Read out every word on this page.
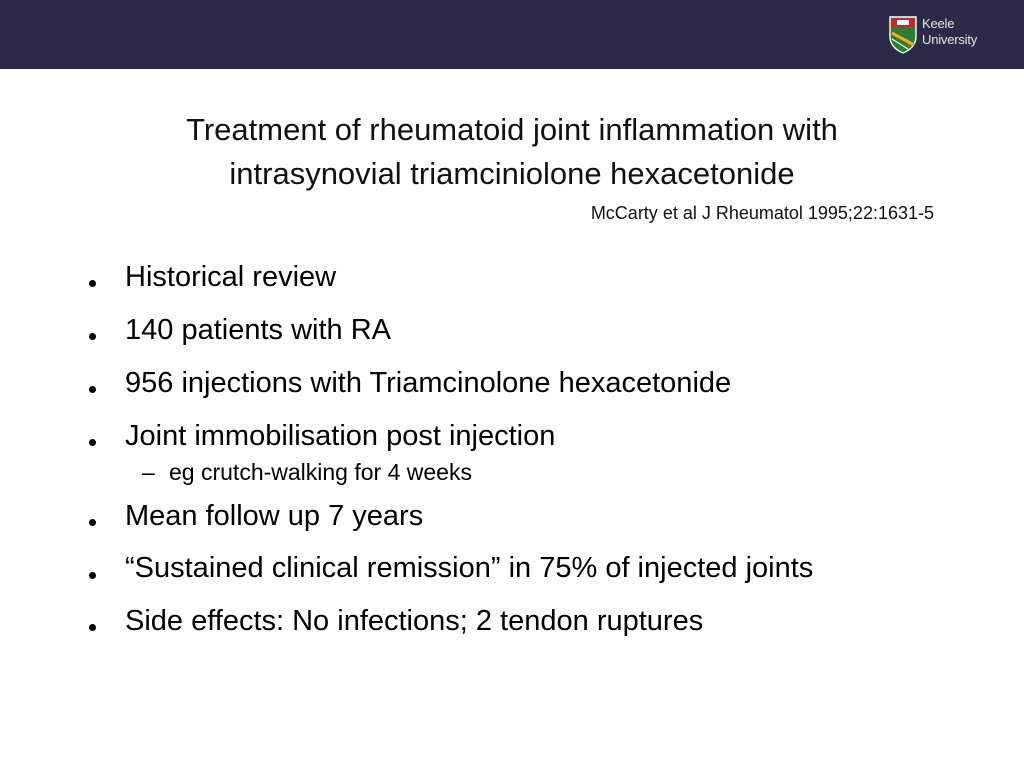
7
Keele
University
Treatment of rheumatoid joint inflammation with
intrasynovial triamciniolone hexacetonide
McCarty et al J Rheumatol 1995;22:1631-5
Historical review
140 patients with RA
956 injections with Triamcinolone hexacetonide
Joint immobilisation post injection
– eg crutch-walking for 4 weeks
Mean follow up 7 years
“Sustained clinical remission” in 75% of injected joints
Side effects: No infections; 2 tendon ruptures
